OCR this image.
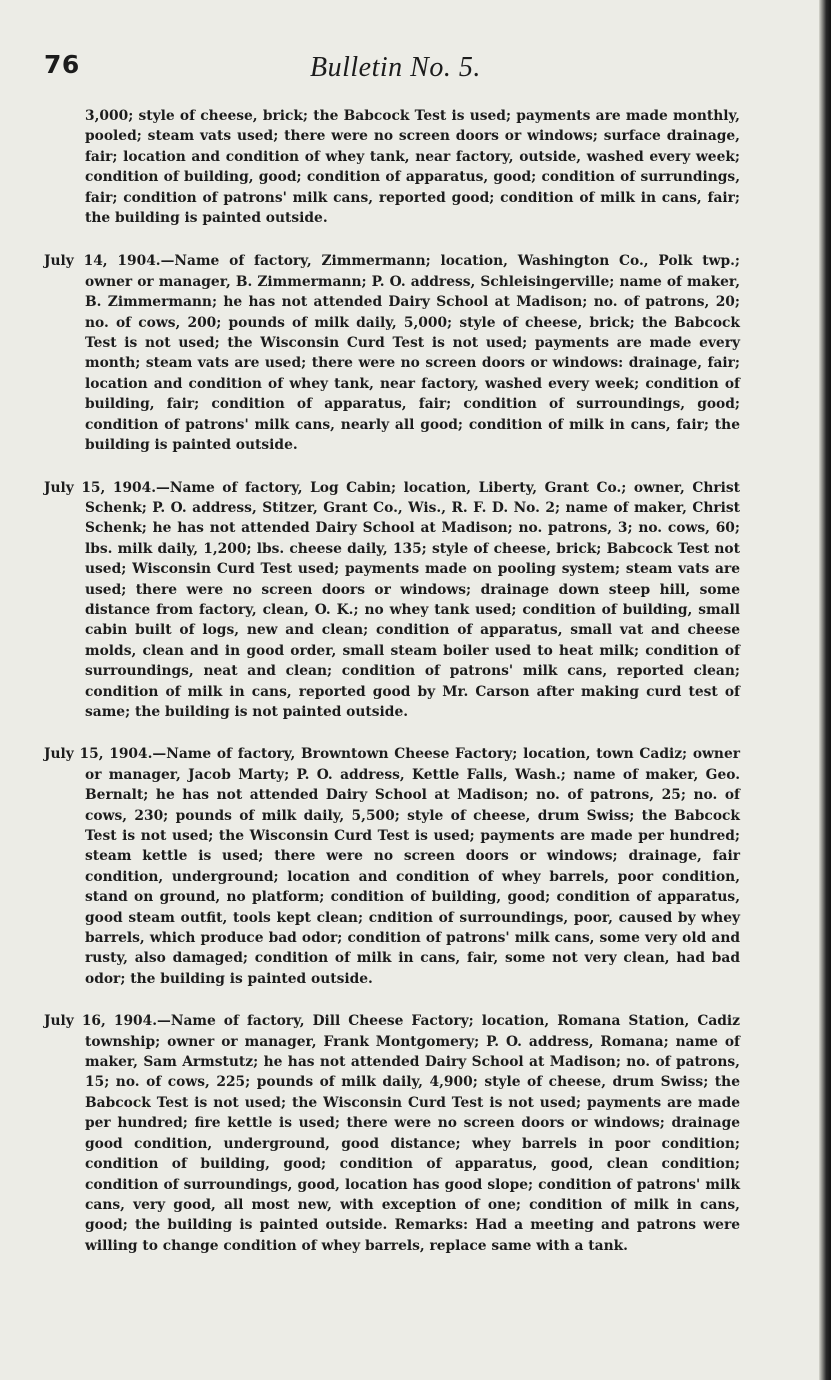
76	Bulletin No. 5.

3,000; style of cheese, brick; the Babcock Test is used; payments are made monthly, pooled; steam vats used; there were no screen doors or windows; surface drainage, fair; location and condition of whey tank, near factory, outside, washed every week; condition of building, good; condition of apparatus, good; condition of surrundings, fair; condition of patrons' milk cans, reported good; condition of milk in cans, fair; the building is painted outside.

July 14, 1904.—Name of factory, Zimmermann; location, Washington Co., Polk twp.; owner or manager, B. Zimmermann; P. O. address, Schleisingerville; name of maker, B. Zimmermann; he has not attended Dairy School at Madison; no. of patrons, 20; no. of cows, 200; pounds of milk daily, 5,000; style of cheese, brick; the Babcock Test is not used; the Wisconsin Curd Test is not used; payments are made every month; steam vats are used; there were no screen doors or windows: drainage, fair; location and condition of whey tank, near factory, washed every week; condition of building, fair; condition of apparatus, fair; condition of surroundings, good; condition of patrons' milk cans, nearly all good; condition of milk in cans, fair; the building is painted outside.

July 15, 1904.—Name of factory, Log Cabin; location, Liberty, Grant Co.; owner, Christ Schenk; P. O. address, Stitzer, Grant Co., Wis., R. F. D. No. 2; name of maker, Christ Schenk; he has not attended Dairy School at Madison; no. patrons, 3; no. cows, 60; lbs. milk daily, 1,200; lbs. cheese daily, 135; style of cheese, brick; Babcock Test not used; Wisconsin Curd Test used; payments made on pooling system; steam vats are used; there were no screen doors or windows; drainage down steep hill, some distance from factory, clean, O. K.; no whey tank used; condition of building, small cabin built of logs, new and clean; condition of apparatus, small vat and cheese molds, clean and in good order, small steam boiler used to heat milk; condition of surroundings, neat and clean; condition of patrons' milk cans, reported clean; condition of milk in cans, reported good by Mr. Carson after making curd test of same; the building is not painted outside.

July 15, 1904.—Name of factory, Browntown Cheese Factory; location, town Cadiz; owner or manager, Jacob Marty; P. O. address, Kettle Falls, Wash.; name of maker, Geo. Bernalt; he has not attended Dairy School at Madison; no. of patrons, 25; no. of cows, 230; pounds of milk daily, 5,500; style of cheese, drum Swiss; the Babcock Test is not used; the Wisconsin Curd Test is used; payments are made per hundred; steam kettle is used; there were no screen doors or windows; drainage, fair condition, underground; location and condition of whey barrels, poor condition, stand on ground, no platform; condition of building, good; condition of apparatus, good steam outfit, tools kept clean; cndition of surroundings, poor, caused by whey barrels, which produce bad odor; condition of patrons' milk cans, some very old and rusty, also damaged; condition of milk in cans, fair, some not very clean, had bad odor; the building is painted outside.

July 16, 1904.—Name of factory, Dill Cheese Factory; location, Romana Station, Cadiz township; owner or manager, Frank Montgomery; P. O. address, Romana; name of maker, Sam Armstutz; he has not attended Dairy School at Madison; no. of patrons, 15; no. of cows, 225; pounds of milk daily, 4,900; style of cheese, drum Swiss; the Babcock Test is not used; the Wisconsin Curd Test is not used; payments are made per hundred; fire kettle is used; there were no screen doors or windows; drainage good condition, underground, good distance; whey barrels in poor condition; condition of building, good; condition of apparatus, good, clean condition; condition of surroundings, good, location has good slope; condition of patrons' milk cans, very good, all most new, with exception of one; condition of milk in cans, good; the building is painted outside. Remarks: Had a meeting and patrons were willing to change condition of whey barrels, replace same with a tank.
